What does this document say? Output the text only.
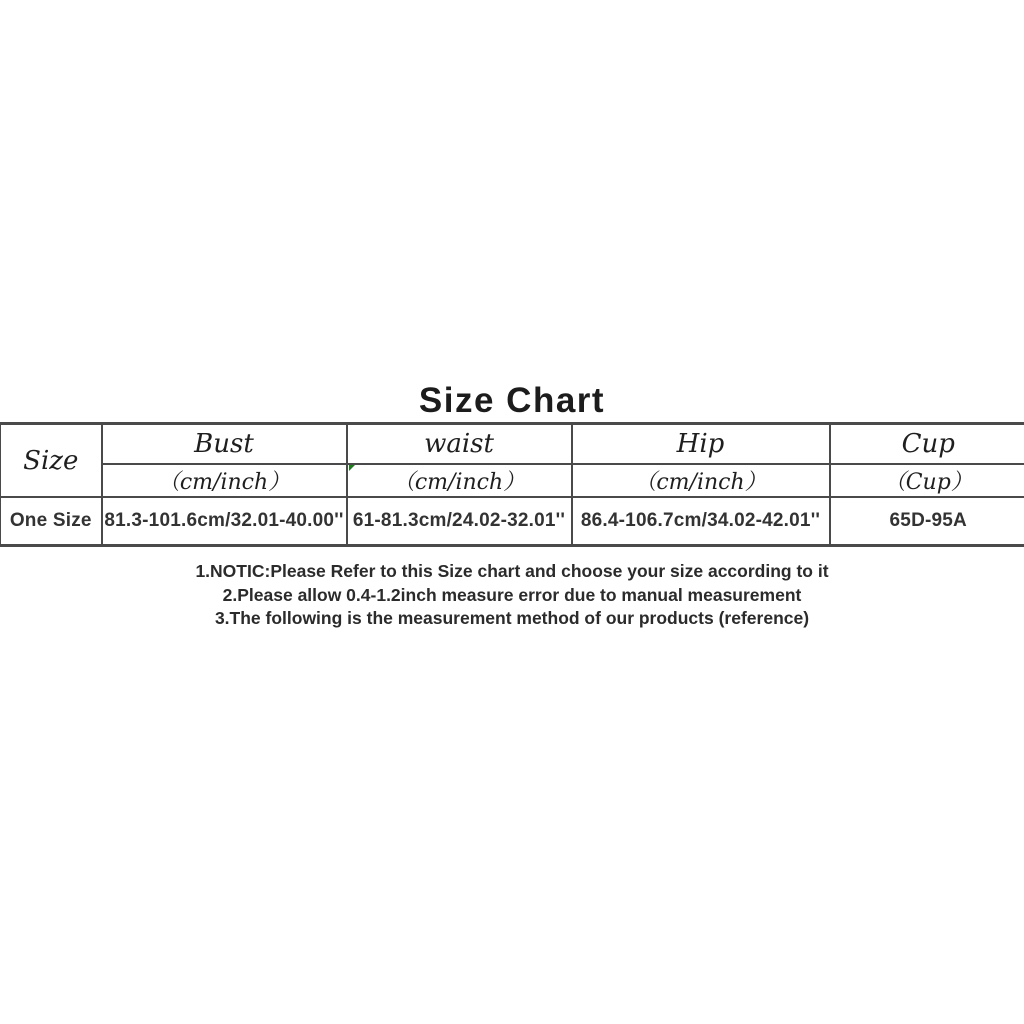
Size Chart
Size	Bust	waist	Hip	Cup
	（cm/inch）	（cm/inch）	（cm/inch）	（Cup）
One Size	81.3-101.6cm/32.01-40.00''	61-81.3cm/24.02-32.01''	86.4-106.7cm/34.02-42.01''	65D-95A

1.NOTIC:Please Refer to this Size chart and choose your size according to it

2.Please allow 0.4-1.2inch measure error due to manual measurement

3.The following is the measurement method of our products (reference)
